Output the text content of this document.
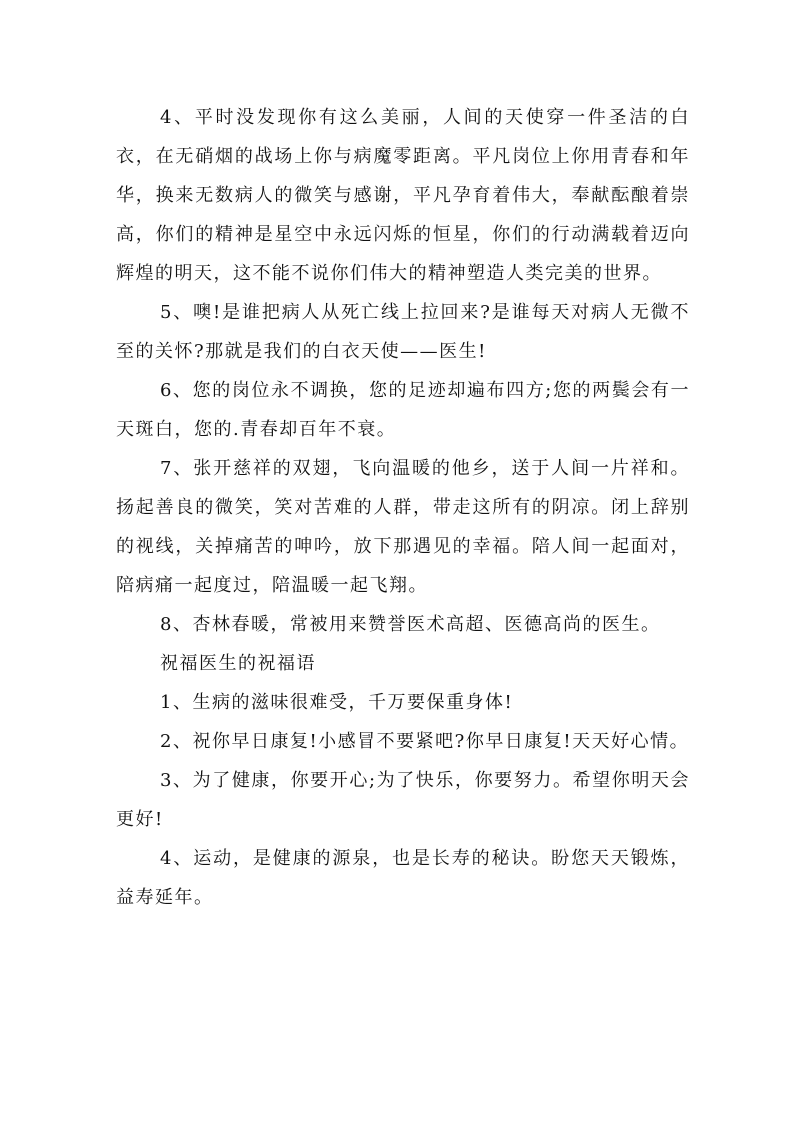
4、平时没发现你有这么美丽，人间的天使穿一件圣洁的白衣，在无硝烟的战场上你与病魔零距离。平凡岗位上你用青春和年华，换来无数病人的微笑与感谢，平凡孕育着伟大，奉献酝酿着崇高，你们的精神是星空中永远闪烁的恒星，你们的行动满载着迈向辉煌的明天，这不能不说你们伟大的精神塑造人类完美的世界。

5、噢!是谁把病人从死亡线上拉回来?是谁每天对病人无微不至的关怀?那就是我们的白衣天使——医生!

6、您的岗位永不调换，您的足迹却遍布四方;您的两鬓会有一天斑白，您的.青春却百年不衰。

7、张开慈祥的双翅，飞向温暖的他乡，送于人间一片祥和。扬起善良的微笑，笑对苦难的人群，带走这所有的阴凉。闭上辞别的视线，关掉痛苦的呻吟，放下那遇见的幸福。陪人间一起面对，陪病痛一起度过，陪温暖一起飞翔。

8、杏林春暖，常被用来赞誉医术高超、医德高尚的医生。

祝福医生的祝福语

1、生病的滋味很难受，千万要保重身体!

2、祝你早日康复!小感冒不要紧吧?你早日康复!天天好心情。

3、为了健康，你要开心;为了快乐，你要努力。希望你明天会更好!

4、运动，是健康的源泉，也是长寿的秘诀。盼您天天锻炼，益寿延年。
